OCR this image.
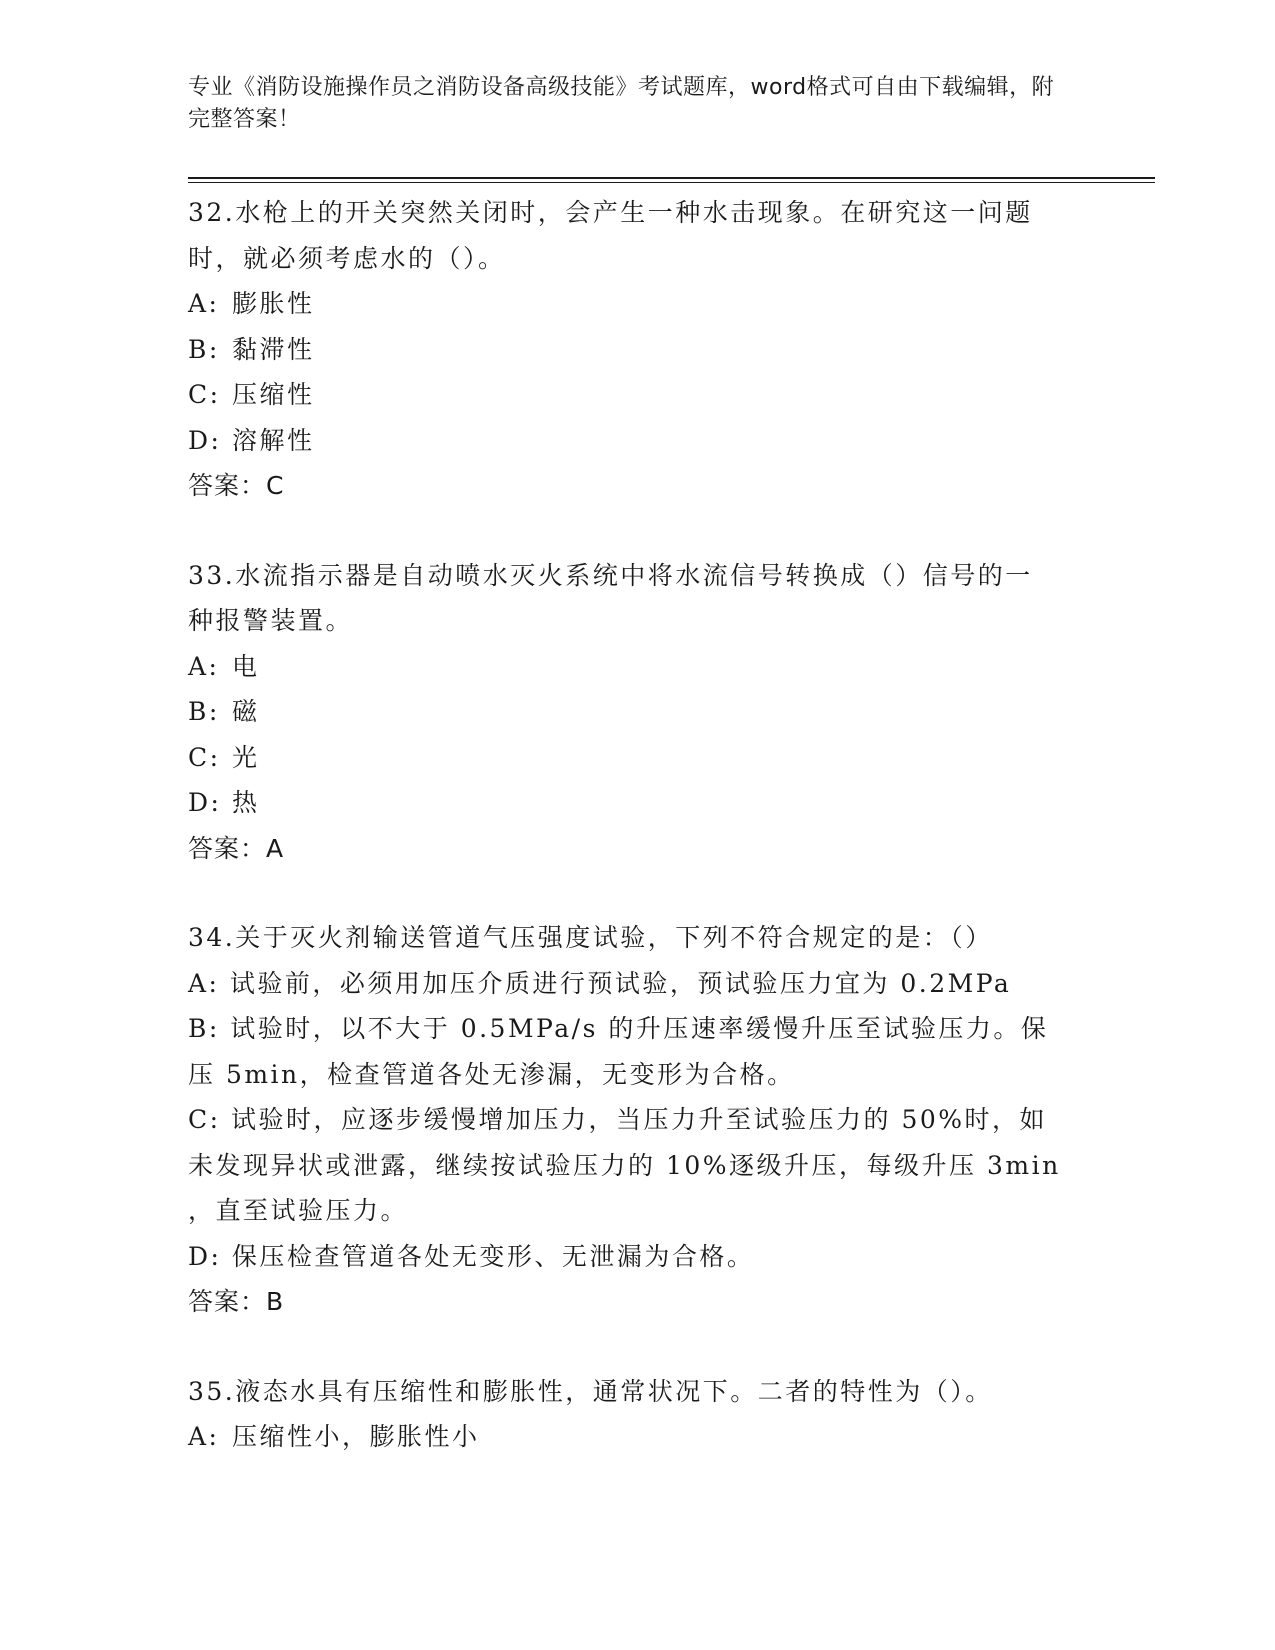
专业《消防设施操作员之消防设备高级技能》考试题库，word格式可自由下载编辑，附完整答案！
32.水枪上的开关突然关闭时，会产生一种水击现象。在研究这一问题
时，就必须考虑水的（）。
A: 膨胀性
B: 黏滞性
C: 压缩性
D: 溶解性
答案：C
33.水流指示器是自动喷水灭火系统中将水流信号转换成（）信号的一
种报警装置。
A: 电
B: 磁
C: 光
D: 热
答案：A
34.关于灭火剂输送管道气压强度试验，下列不符合规定的是：（）
A: 试验前，必须用加压介质进行预试验，预试验压力宜为 0.2MPa
B: 试验时，以不大于 0.5MPa/s 的升压速率缓慢升压至试验压力。保
压 5min，检查管道各处无渗漏，无变形为合格。
C: 试验时，应逐步缓慢增加压力，当压力升至试验压力的 50%时，如
未发现异状或泄露，继续按试验压力的 10%逐级升压，每级升压 3min
，直至试验压力。
D: 保压检查管道各处无变形、无泄漏为合格。
答案：B
35.液态水具有压缩性和膨胀性，通常状况下。二者的特性为（）。
A: 压缩性小，膨胀性小
